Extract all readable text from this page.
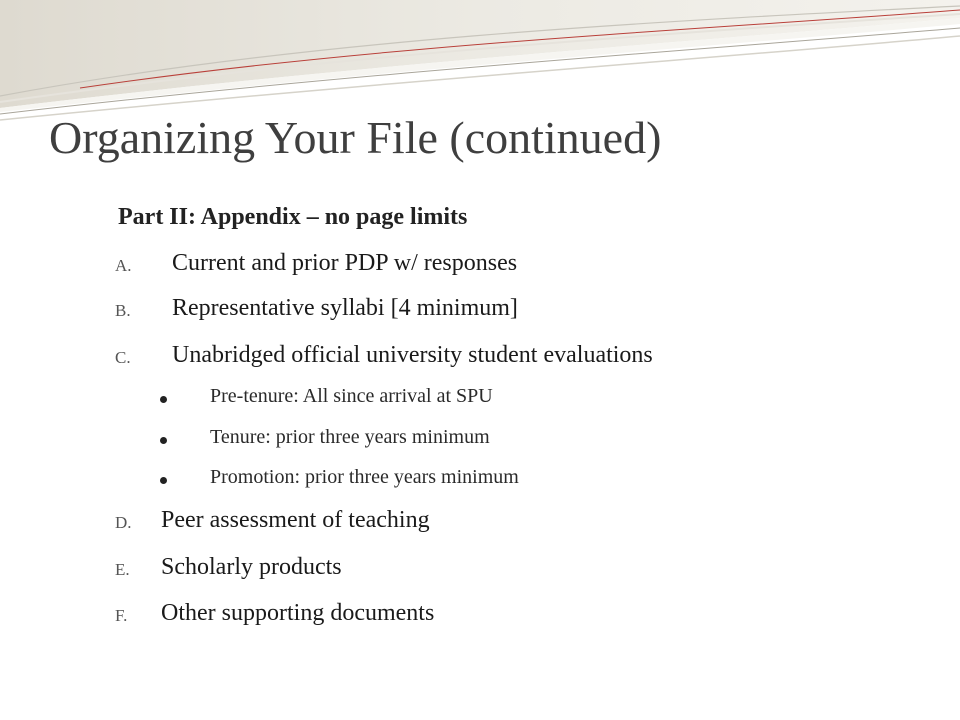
Organizing Your File (continued)
Part II: Appendix – no page limits
A. Current and prior PDP w/ responses
B. Representative syllabi [4 minimum]
C. Unabridged official university student evaluations
Pre-tenure: All since arrival at SPU
Tenure: prior three years minimum
Promotion: prior three years minimum
D. Peer assessment of teaching
E. Scholarly products
F. Other supporting documents
